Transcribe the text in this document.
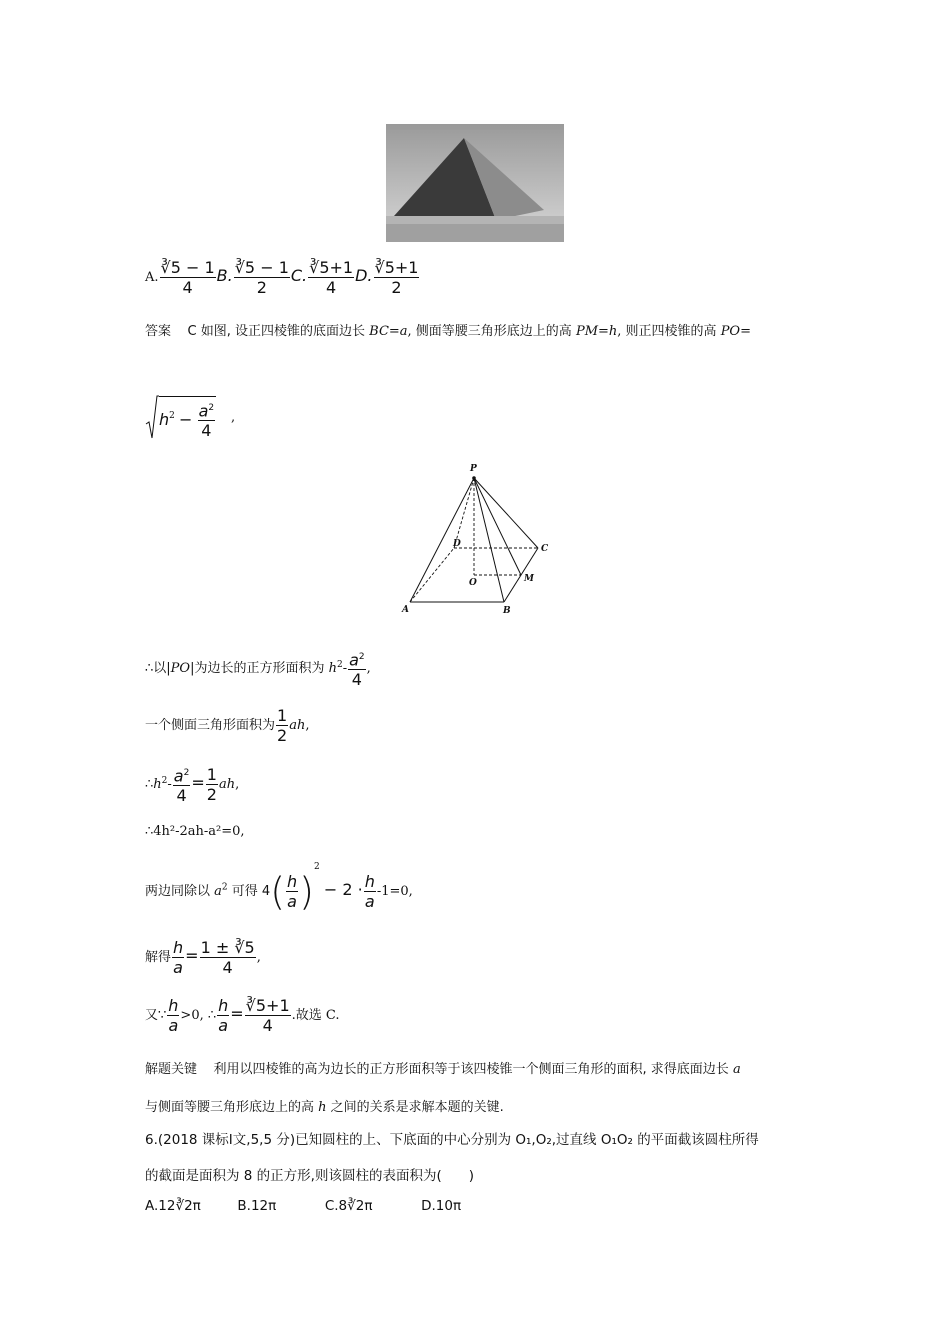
A. $\frac{∛5 - 1}{4} B$. $\frac{∛5 - 1}{2} C$. $\frac{∛5+1}{4} D$. $\frac{∛5+1}{2}$
答案 C 如图, 设正四棱锥的底面边长 BC=a, 侧面等腰三角形底边上的高 PM=h, 则正四棱锥的高 PO=
$h^2 - \frac{a^2}{4}$ ,
P
A	B
C
D
O	M
∴以|PO|为边长的正方形面积为 $h^2- \frac{a^2}{4}$ ,
一个侧面三角形面积为 $\frac{1}{2}$ ah,
$\therefore h^2- \frac{a^2}{4} = \frac{1}{2}$ ah,
∴4h²-2ah-a²=0,
两边同除以 $a^2$ 可得 $4( \frac{h}{a} )^2 - 2 \cdot \frac{h}{a} -1=0$,
解得 $\frac{h}{a} = \frac{1 \pm ∛5}{4}$ ,
又∵ $\frac{h}{a} >0$, ∴ $\frac{h}{a} = \frac{∛5+1}{4}$ .故选 C.
解题关键 利用以四棱锥的高为边长的正方形面积等于该四棱锥一个侧面三角形的面积, 求得底面边长 a
与侧面等腰三角形底边上的高 h 之间的关系是求解本题的关键.
6.(2018 课标Ⅰ文,5,5 分)已知圆柱的上、下底面的中心分别为 O₁,O₂,过直线 O₁O₂ 的平面截该圆柱所得
的截面是面积为 8 的正方形,则该圆柱的表面积为(　　)
A.12∛2π	B.12π	C.8∛2π	D.10π
